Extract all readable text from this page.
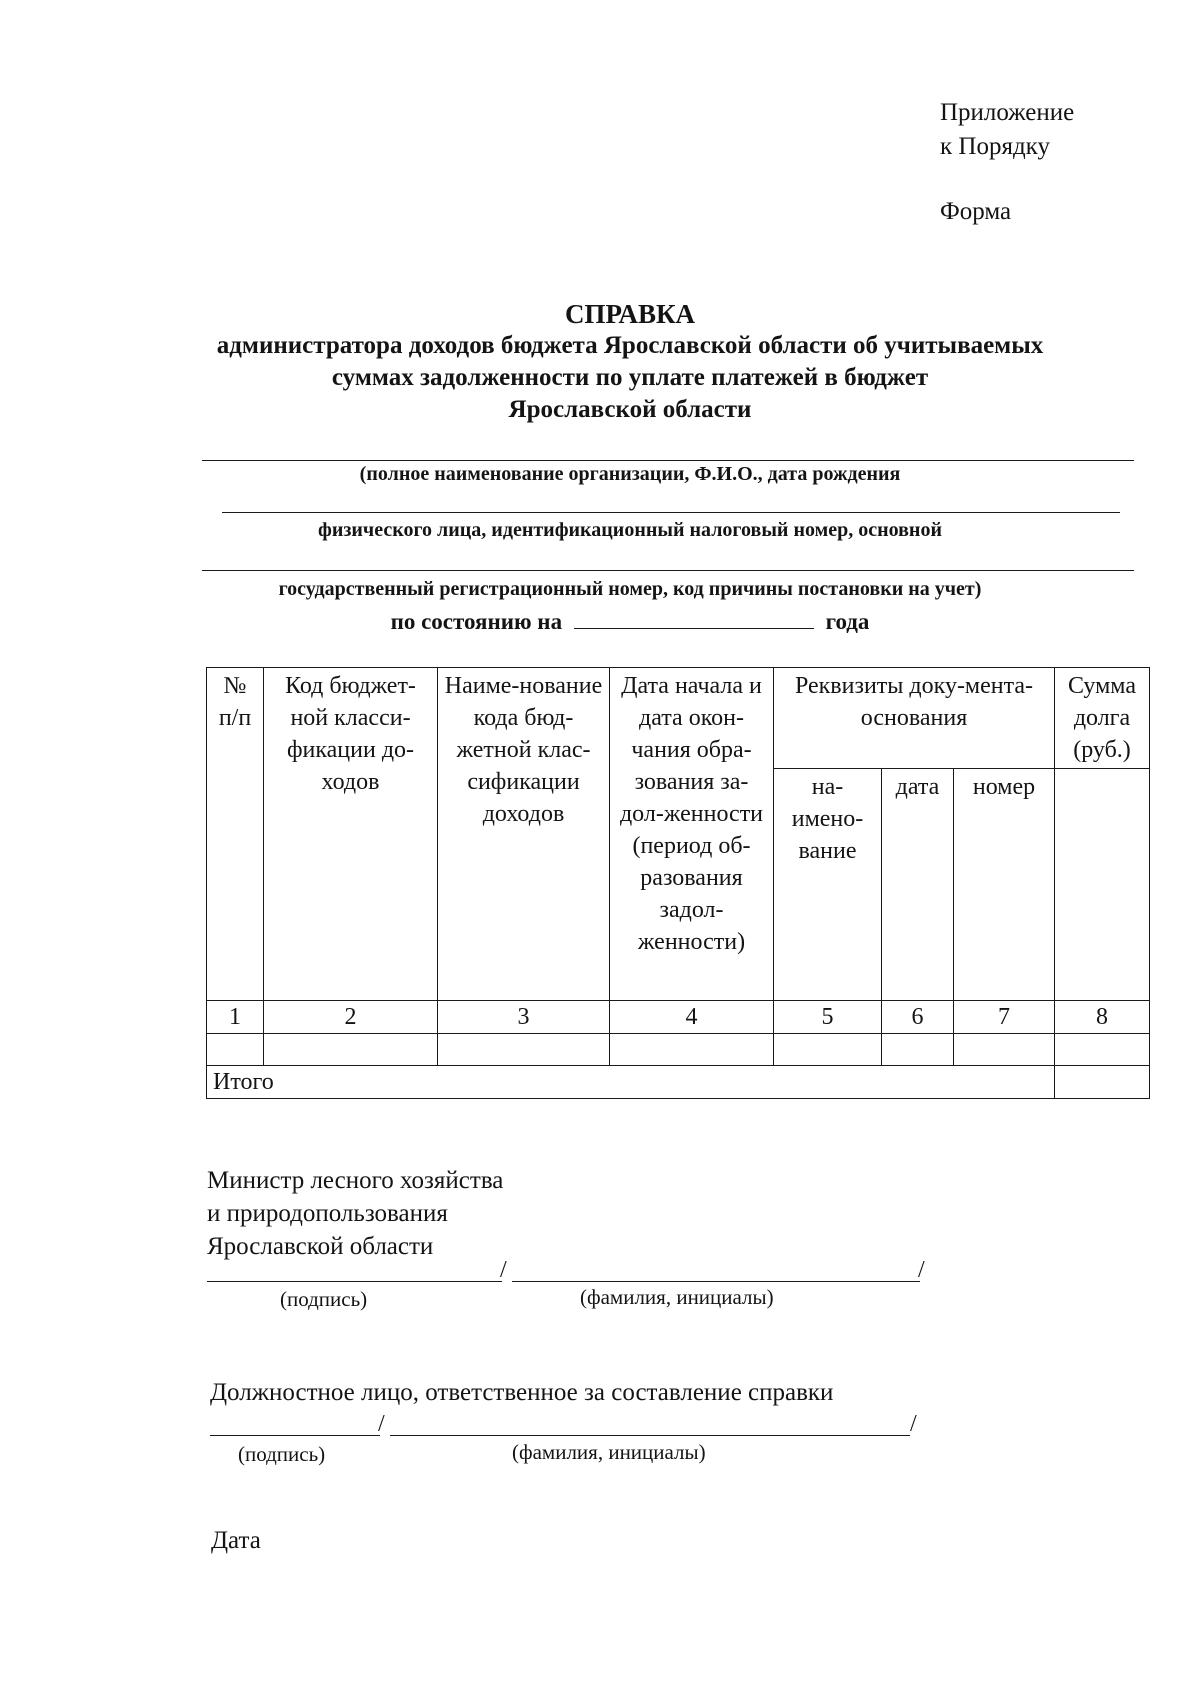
Приложение
к Порядку
Форма
СПРАВКА
администратора доходов бюджета Ярославской области об учитываемых
суммах задолженности по уплате платежей в бюджет
Ярославской области
(полное наименование организации, Ф.И.О., дата рождения
физического лица, идентификационный налоговый номер, основной
государственный регистрационный номер, код причины постановки на учет)
по состоянию на	года
№ п/п	Код бюджет-ной класси-фикации до-ходов	Наиме-нование кода бюд-жетной клас-сификации доходов	Дата начала и дата окон-чания обра-зования за-дол-женности (период об-разования задол-женности)	Реквизиты доку-мента-основания			Сумма долга (руб.)
				на-имено-вание	дата	номер	
1	2	3	4	5	6	7	8

Итого							
Министр лесного хозяйства
и природопользования
Ярославской области
/	/
(подпись)	(фамилия, инициалы)
Должностное лицо, ответственное за составление справки
/	/
(подпись)	(фамилия, инициалы)
Дата
